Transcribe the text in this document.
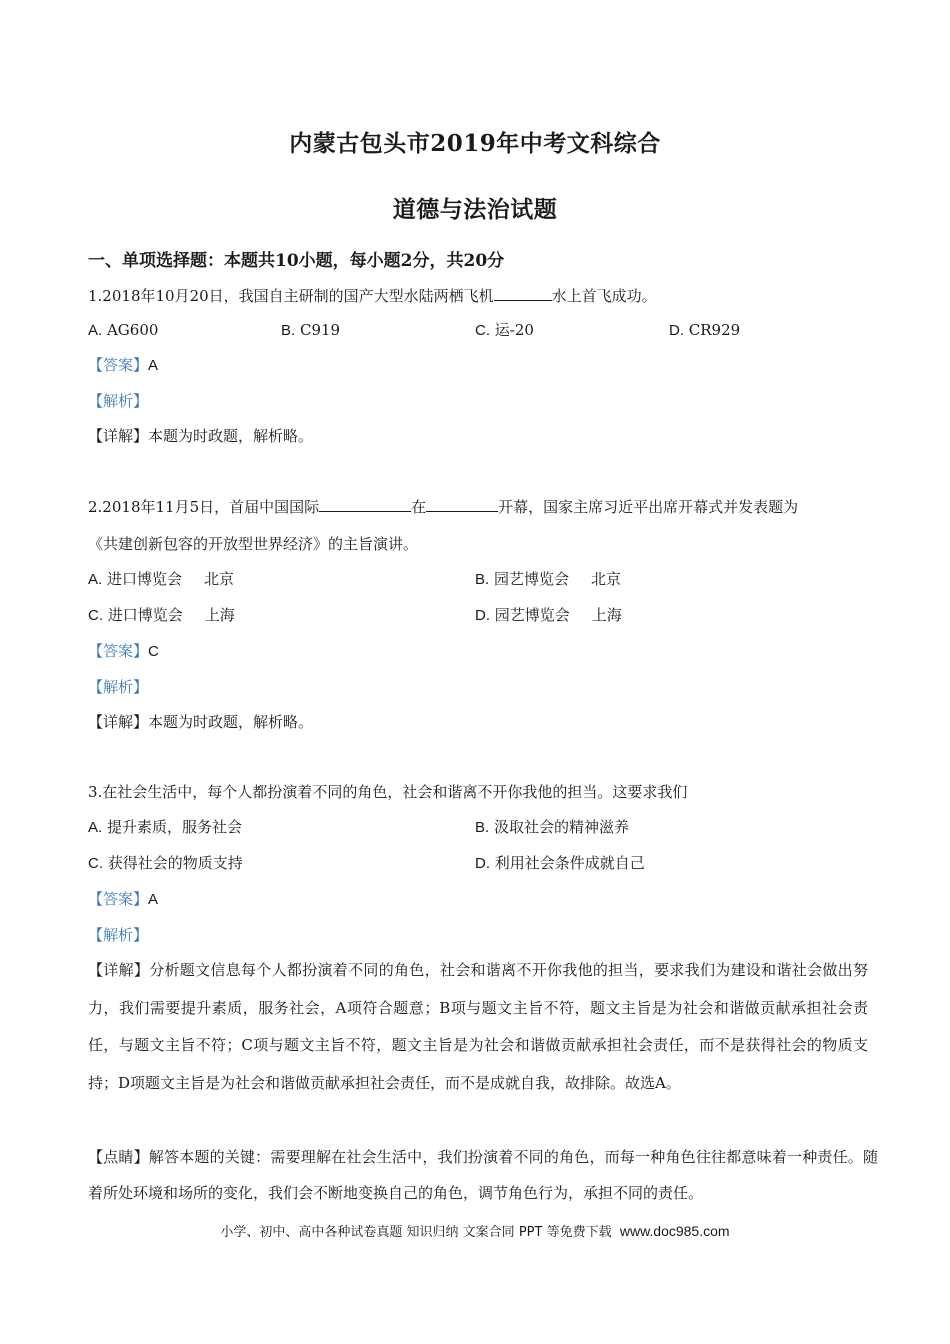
内蒙古包头市2019年中考文科综合
道德与法治试题
一、单项选择题：本题共10小题，每小题2分，共20分
1.2018年10月20日，我国自主研制的国产大型水陆两栖飞机	水上首飞成功。
A. AG600	B. C919	C. 运-20	D. CR929
【答案】A
【解析】
【详解】本题为时政题，解析略。
2.2018年11月5日，首届中国国际	在	开幕，国家主席习近平出席开幕式并发表题为
《共建创新包容的开放型世界经济》的主旨演讲。
A. 进口博览会 北京	B. 园艺博览会 北京
C. 进口博览会 上海	D. 园艺博览会 上海
【答案】C
【解析】
【详解】本题为时政题，解析略。
3.在社会生活中，每个人都扮演着不同的角色，社会和谐离不开你我他的担当。这要求我们
A. 提升素质，服务社会	B. 汲取社会的精神滋养
C. 获得社会的物质支持	D. 利用社会条件成就自己
【答案】A
【解析】
【详解】分析题文信息每个人都扮演着不同的角色，社会和谐离不开你我他的担当，要求我们为建设和谐社会做出努力，我们需要提升素质，服务社会，A项符合题意；B项与题文主旨不符，题文主旨是为社会和谐做贡献承担社会责任，与题文主旨不符；C项与题文主旨不符，题文主旨是为社会和谐做贡献承担社会责任，而不是获得社会的物质支持；D项题文主旨是为社会和谐做贡献承担社会责任，而不是成就自我，故排除。故选A。
【点睛】解答本题的关键：需要理解在社会生活中，我们扮演着不同的角色，而每一种角色往往都意味着一种责任。随着所处环境和场所的变化，我们会不断地变换自己的角色，调节角色行为，承担不同的责任。
小学、初中、高中各种试卷真题 知识归纳 文案合同 PPT 等免费下载 www.doc985.com
